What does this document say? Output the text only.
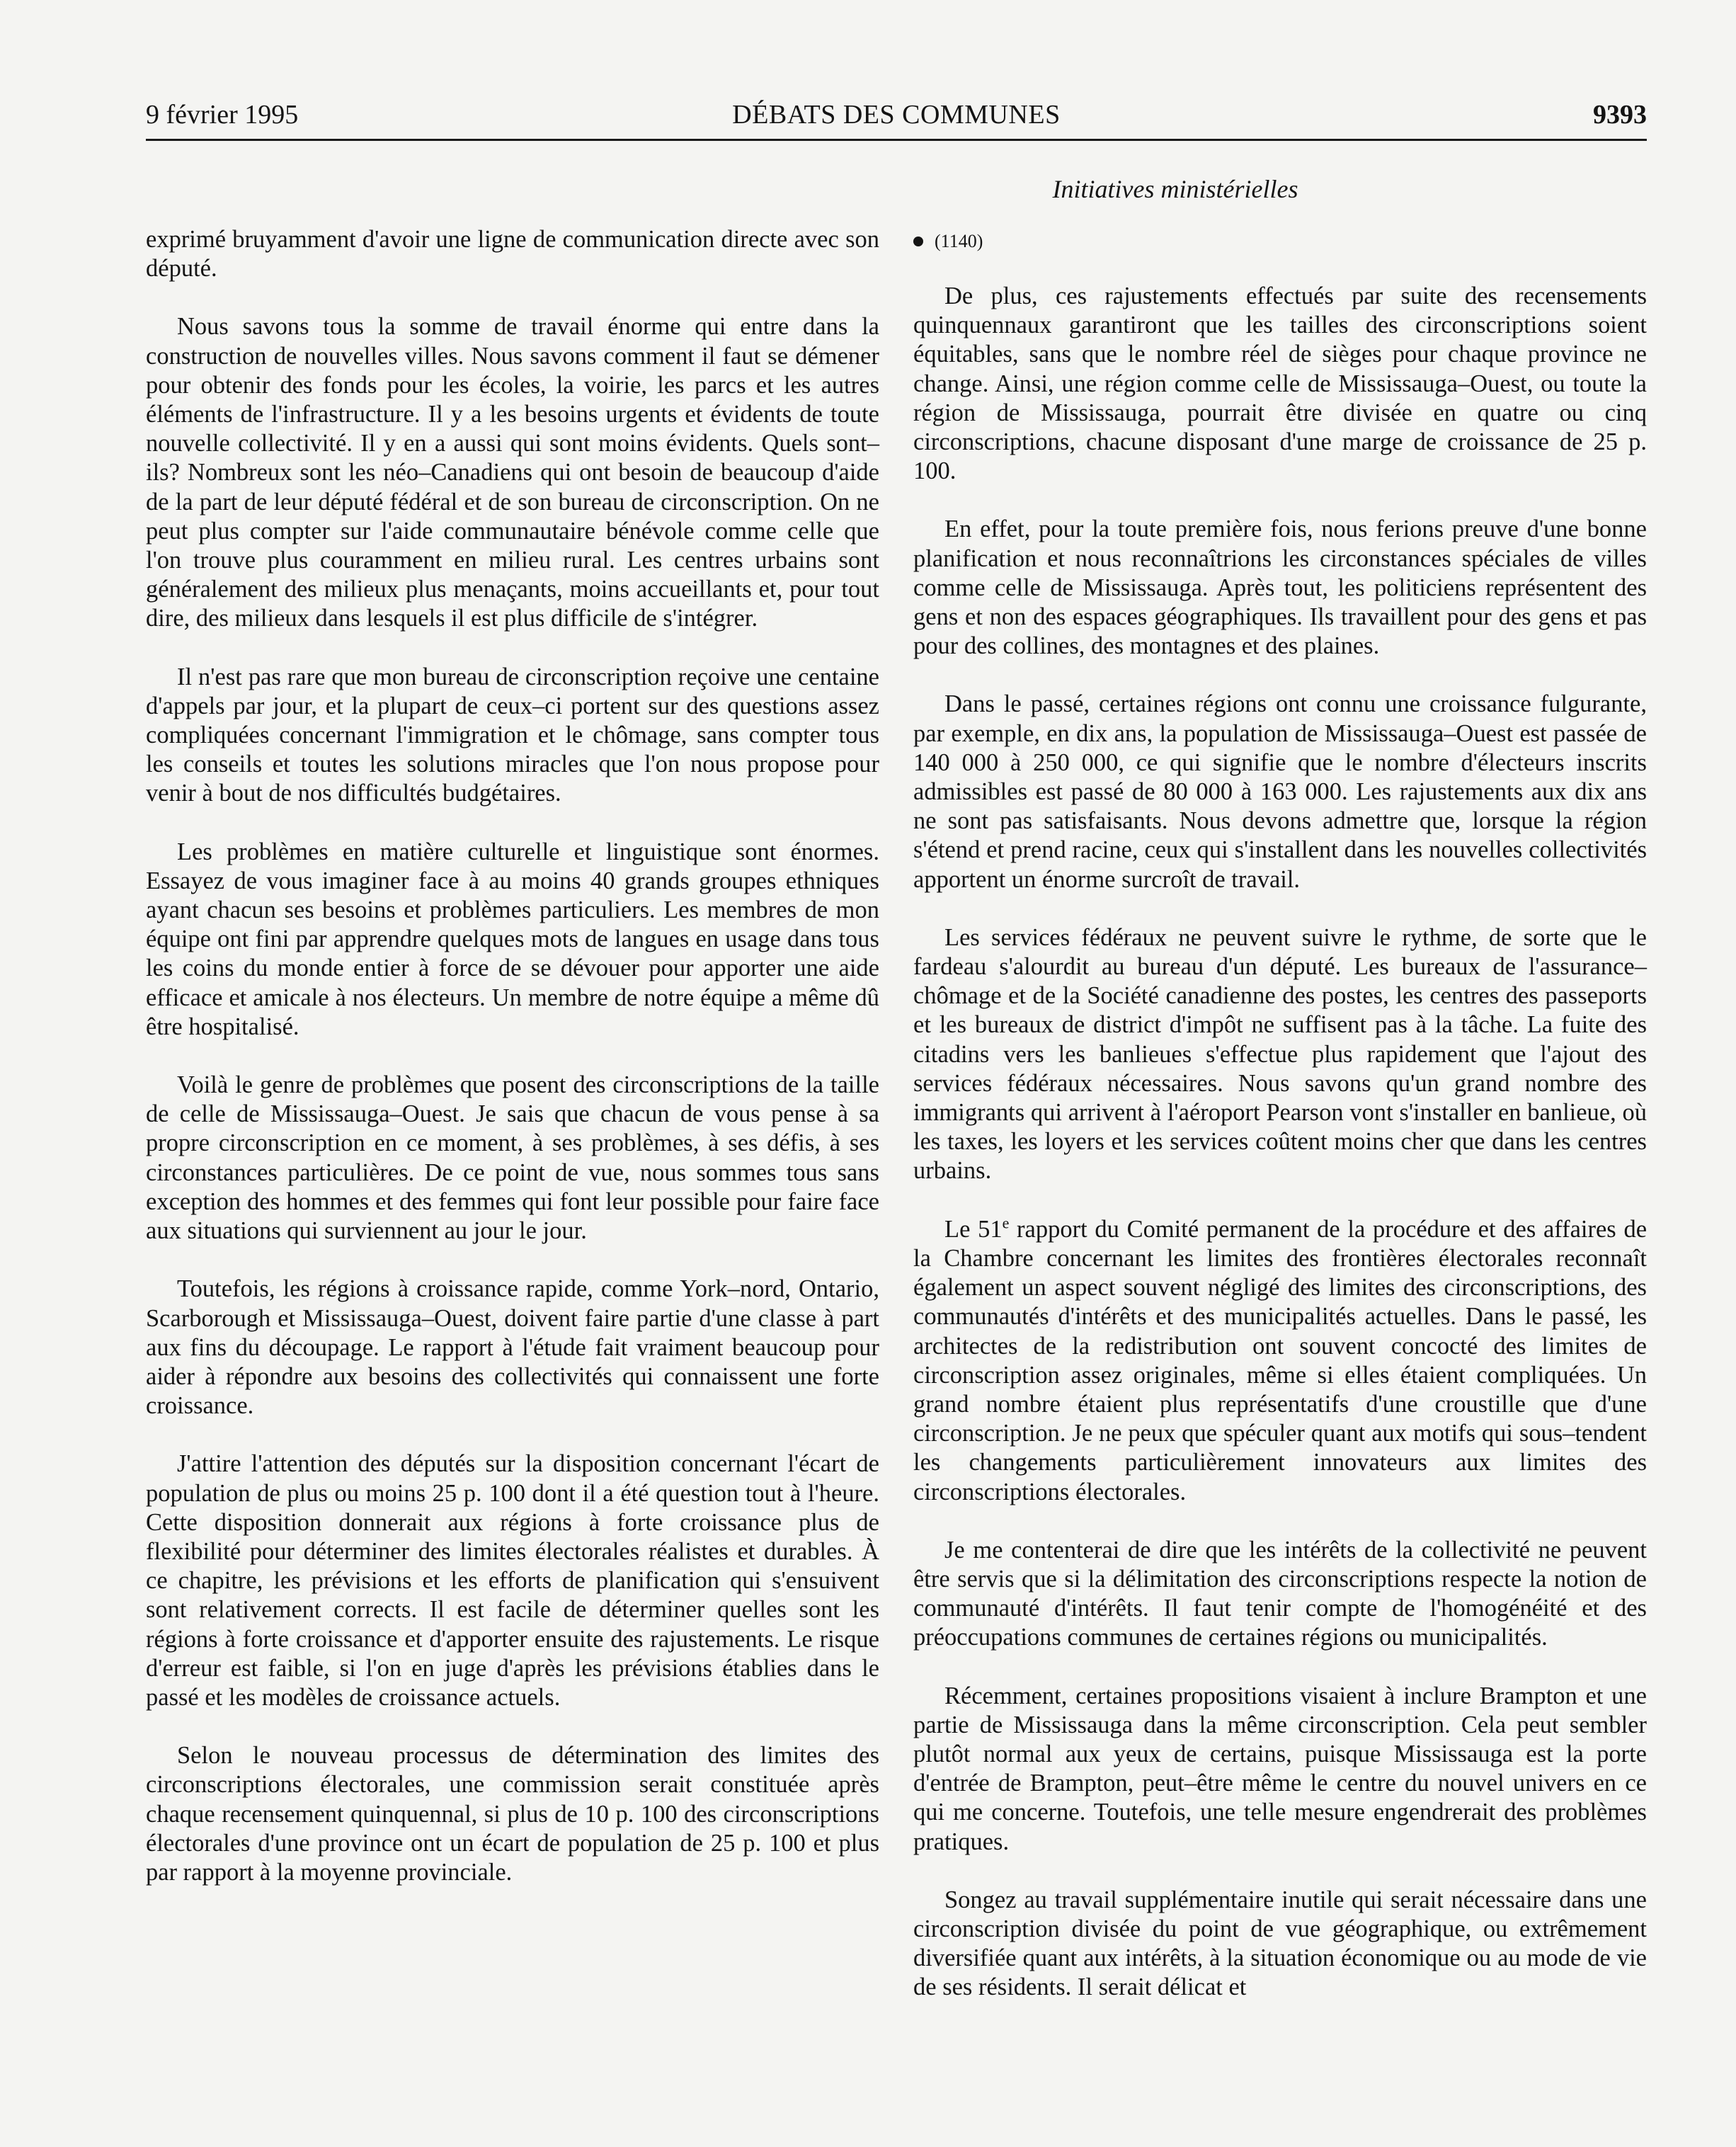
9 février 1995	DÉBATS DES COMMUNES	9393
Initiatives ministérielles

exprimé bruyamment d'avoir une ligne de communication directe avec son député.

Nous savons tous la somme de travail énorme qui entre dans la construction de nouvelles villes. Nous savons comment il faut se démener pour obtenir des fonds pour les écoles, la voirie, les parcs et les autres éléments de l'infrastructure. Il y a les besoins urgents et évidents de toute nouvelle collectivité. Il y en a aussi qui sont moins évidents. Quels sont–ils? Nombreux sont les néo–Canadiens qui ont besoin de beaucoup d'aide de la part de leur député fédéral et de son bureau de circonscription. On ne peut plus compter sur l'aide communautaire bénévole comme celle que l'on trouve plus couramment en milieu rural. Les centres urbains sont généralement des milieux plus menaçants, moins accueillants et, pour tout dire, des milieux dans lesquels il est plus difficile de s'intégrer.

Il n'est pas rare que mon bureau de circonscription reçoive une centaine d'appels par jour, et la plupart de ceux–ci portent sur des questions assez compliquées concernant l'immigration et le chômage, sans compter tous les conseils et toutes les solutions miracles que l'on nous propose pour venir à bout de nos difficultés budgétaires.

Les problèmes en matière culturelle et linguistique sont énormes. Essayez de vous imaginer face à au moins 40 grands groupes ethniques ayant chacun ses besoins et problèmes particuliers. Les membres de mon équipe ont fini par apprendre quelques mots de langues en usage dans tous les coins du monde entier à force de se dévouer pour apporter une aide efficace et amicale à nos électeurs. Un membre de notre équipe a même dû être hospitalisé.

Voilà le genre de problèmes que posent des circonscriptions de la taille de celle de Mississauga–Ouest. Je sais que chacun de vous pense à sa propre circonscription en ce moment, à ses problèmes, à ses défis, à ses circonstances particulières. De ce point de vue, nous sommes tous sans exception des hommes et des femmes qui font leur possible pour faire face aux situations qui surviennent au jour le jour.

Toutefois, les régions à croissance rapide, comme York–nord, Ontario, Scarborough et Mississauga–Ouest, doivent faire partie d'une classe à part aux fins du découpage. Le rapport à l'étude fait vraiment beaucoup pour aider à répondre aux besoins des collectivités qui connaissent une forte croissance.

J'attire l'attention des députés sur la disposition concernant l'écart de population de plus ou moins 25 p. 100 dont il a été question tout à l'heure. Cette disposition donnerait aux régions à forte croissance plus de flexibilité pour déterminer des limites électorales réalistes et durables. À ce chapitre, les prévisions et les efforts de planification qui s'ensuivent sont relativement corrects. Il est facile de déterminer quelles sont les régions à forte croissance et d'apporter ensuite des rajustements. Le risque d'erreur est faible, si l'on en juge d'après les prévisions établies dans le passé et les modèles de croissance actuels.

Selon le nouveau processus de détermination des limites des circonscriptions électorales, une commission serait constituée après chaque recensement quinquennal, si plus de 10 p. 100 des circonscriptions électorales d'une province ont un écart de population de 25 p. 100 et plus par rapport à la moyenne provinciale.

(1140)

De plus, ces rajustements effectués par suite des recensements quinquennaux garantiront que les tailles des circonscriptions soient équitables, sans que le nombre réel de sièges pour chaque province ne change. Ainsi, une région comme celle de Mississauga–Ouest, ou toute la région de Mississauga, pourrait être divisée en quatre ou cinq circonscriptions, chacune disposant d'une marge de croissance de 25 p. 100.

En effet, pour la toute première fois, nous ferions preuve d'une bonne planification et nous reconnaîtrions les circonstances spéciales de villes comme celle de Mississauga. Après tout, les politiciens représentent des gens et non des espaces géographiques. Ils travaillent pour des gens et pas pour des collines, des montagnes et des plaines.

Dans le passé, certaines régions ont connu une croissance fulgurante, par exemple, en dix ans, la population de Mississauga–Ouest est passée de 140 000 à 250 000, ce qui signifie que le nombre d'électeurs inscrits admissibles est passé de 80 000 à 163 000. Les rajustements aux dix ans ne sont pas satisfaisants. Nous devons admettre que, lorsque la région s'étend et prend racine, ceux qui s'installent dans les nouvelles collectivités apportent un énorme surcroît de travail.

Les services fédéraux ne peuvent suivre le rythme, de sorte que le fardeau s'alourdit au bureau d'un député. Les bureaux de l'assurance–chômage et de la Société canadienne des postes, les centres des passeports et les bureaux de district d'impôt ne suffisent pas à la tâche. La fuite des citadins vers les banlieues s'effectue plus rapidement que l'ajout des services fédéraux nécessaires. Nous savons qu'un grand nombre des immigrants qui arrivent à l'aéroport Pearson vont s'installer en banlieue, où les taxes, les loyers et les services coûtent moins cher que dans les centres urbains.

Le 51e rapport du Comité permanent de la procédure et des affaires de la Chambre concernant les limites des frontières électorales reconnaît également un aspect souvent négligé des limites des circonscriptions, des communautés d'intérêts et des municipalités actuelles. Dans le passé, les architectes de la redistribution ont souvent concocté des limites de circonscription assez originales, même si elles étaient compliquées. Un grand nombre étaient plus représentatifs d'une croustille que d'une circonscription. Je ne peux que spéculer quant aux motifs qui sous–tendent les changements particulièrement innovateurs aux limites des circonscriptions électorales.

Je me contenterai de dire que les intérêts de la collectivité ne peuvent être servis que si la délimitation des circonscriptions respecte la notion de communauté d'intérêts. Il faut tenir compte de l'homogénéité et des préoccupations communes de certaines régions ou municipalités.

Récemment, certaines propositions visaient à inclure Brampton et une partie de Mississauga dans la même circonscription. Cela peut sembler plutôt normal aux yeux de certains, puisque Mississauga est la porte d'entrée de Brampton, peut–être même le centre du nouvel univers en ce qui me concerne. Toutefois, une telle mesure engendrerait des problèmes pratiques.

Songez au travail supplémentaire inutile qui serait nécessaire dans une circonscription divisée du point de vue géographique, ou extrêmement diversifiée quant aux intérêts, à la situation économique ou au mode de vie de ses résidents. Il serait délicat et
